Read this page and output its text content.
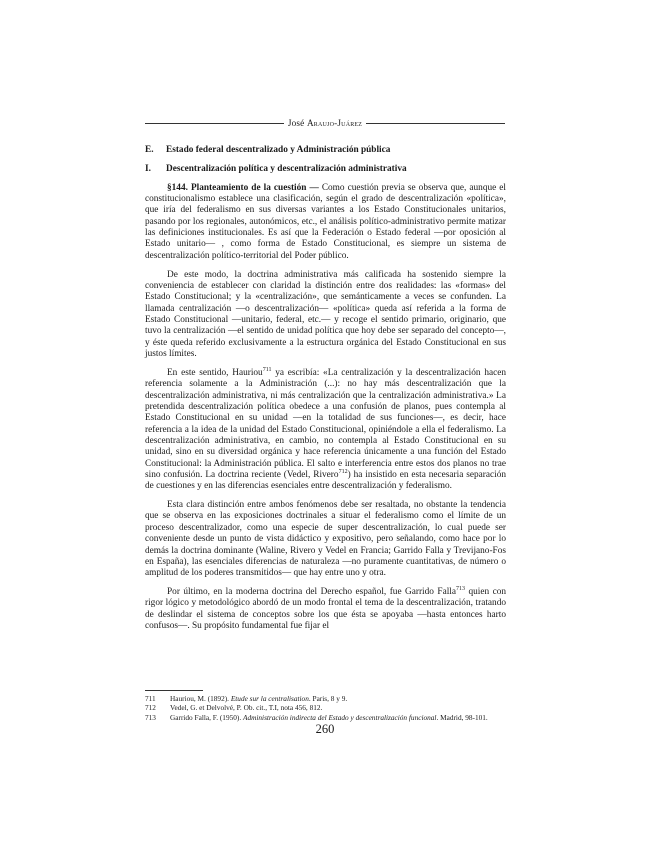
José Araujo-Juárez
E.	Estado federal descentralizado y Administración pública
I.	Descentralización política y descentralización administrativa

§144. Planteamiento de la cuestión — Como cuestión previa se observa que, aunque el constitucionalismo establece una clasificación, según el grado de descentralización «política», que iría del federalismo en sus diversas variantes a los Estado Constitucionales unitarios, pasando por los regionales, autonómicos, etc., el análisis político-administrativo permite matizar las definiciones institucionales. Es así que la Federación o Estado federal —por oposición al Estado unitario— , como forma de Estado Constitucional, es siempre un sistema de descentralización político-territorial del Poder público.

De este modo, la doctrina administrativa más calificada ha sostenido siempre la conveniencia de establecer con claridad la distinción entre dos realidades: las «formas» del Estado Constitucional; y la «centralización», que semánticamente a veces se confunden. La llamada centralización —o descentralización— «política» queda así referida a la forma de Estado Constitucional —unitario, federal, etc.— y recoge el sentido primario, originario, que tuvo la centralización —el sentido de unidad política que hoy debe ser separado del concepto—, y éste queda referido exclusivamente a la estructura orgánica del Estado Constitucional en sus justos límites.

En este sentido, Hauriou$^{711}$ ya escribía: «La centralización y la descentralización hacen referencia solamente a la Administración (...): no hay más descentralización que la descentralización administrativa, ni más centralización que la centralización administrativa.» La pretendida descentralización política obedece a una confusión de planos, pues contempla al Estado Constitucional en su unidad —en la totalidad de sus funciones—, es decir, hace referencia a la idea de la unidad del Estado Constitucional, opiniéndole a ella el federalismo. La descentralización administrativa, en cambio, no contempla al Estado Constitucional en su unidad, sino en su diversidad orgánica y hace referencia únicamente a una función del Estado Constitucional: la Administración pública. El salto e interferencia entre estos dos planos no trae sino confusión. La doctrina reciente (Vedel, Rivero$^{712}$) ha insistido en esta necesaria separación de cuestiones y en las diferencias esenciales entre descentralización y federalismo.

Esta clara distinción entre ambos fenómenos debe ser resaltada, no obstante la tendencia que se observa en las exposiciones doctrinales a situar el federalismo como el límite de un proceso descentralizador, como una especie de super descentralización, lo cual puede ser conveniente desde un punto de vista didáctico y expositivo, pero señalando, como hace por lo demás la doctrina dominante (Waline, Rivero y Vedel en Francia; Garrido Falla y Trevijano-Fos en España), las esenciales diferencias de naturaleza —no puramente cuantitativas, de número o amplitud de los poderes transmitidos— que hay entre uno y otra.

Por último, en la moderna doctrina del Derecho español, fue Garrido Falla$^{713}$ quien con rigor lógico y metodológico abordó de un modo frontal el tema de la descentralización, tratando de deslindar el sistema de conceptos sobre los que ésta se apoyaba —hasta entonces harto confusos—. Su propósito fundamental fue fijar el

711	Hauriou, M. (1892). Etude sur la centralisation. Paris, 8 y 9.
712	Vedel, G. et Delvolvé, P. Ob. cit., T.I, nota 456, 812.
713	Garrido Falla, F. (1950). Administración indirecta del Estado y descentralización funcional. Madrid, 98-101.
260
